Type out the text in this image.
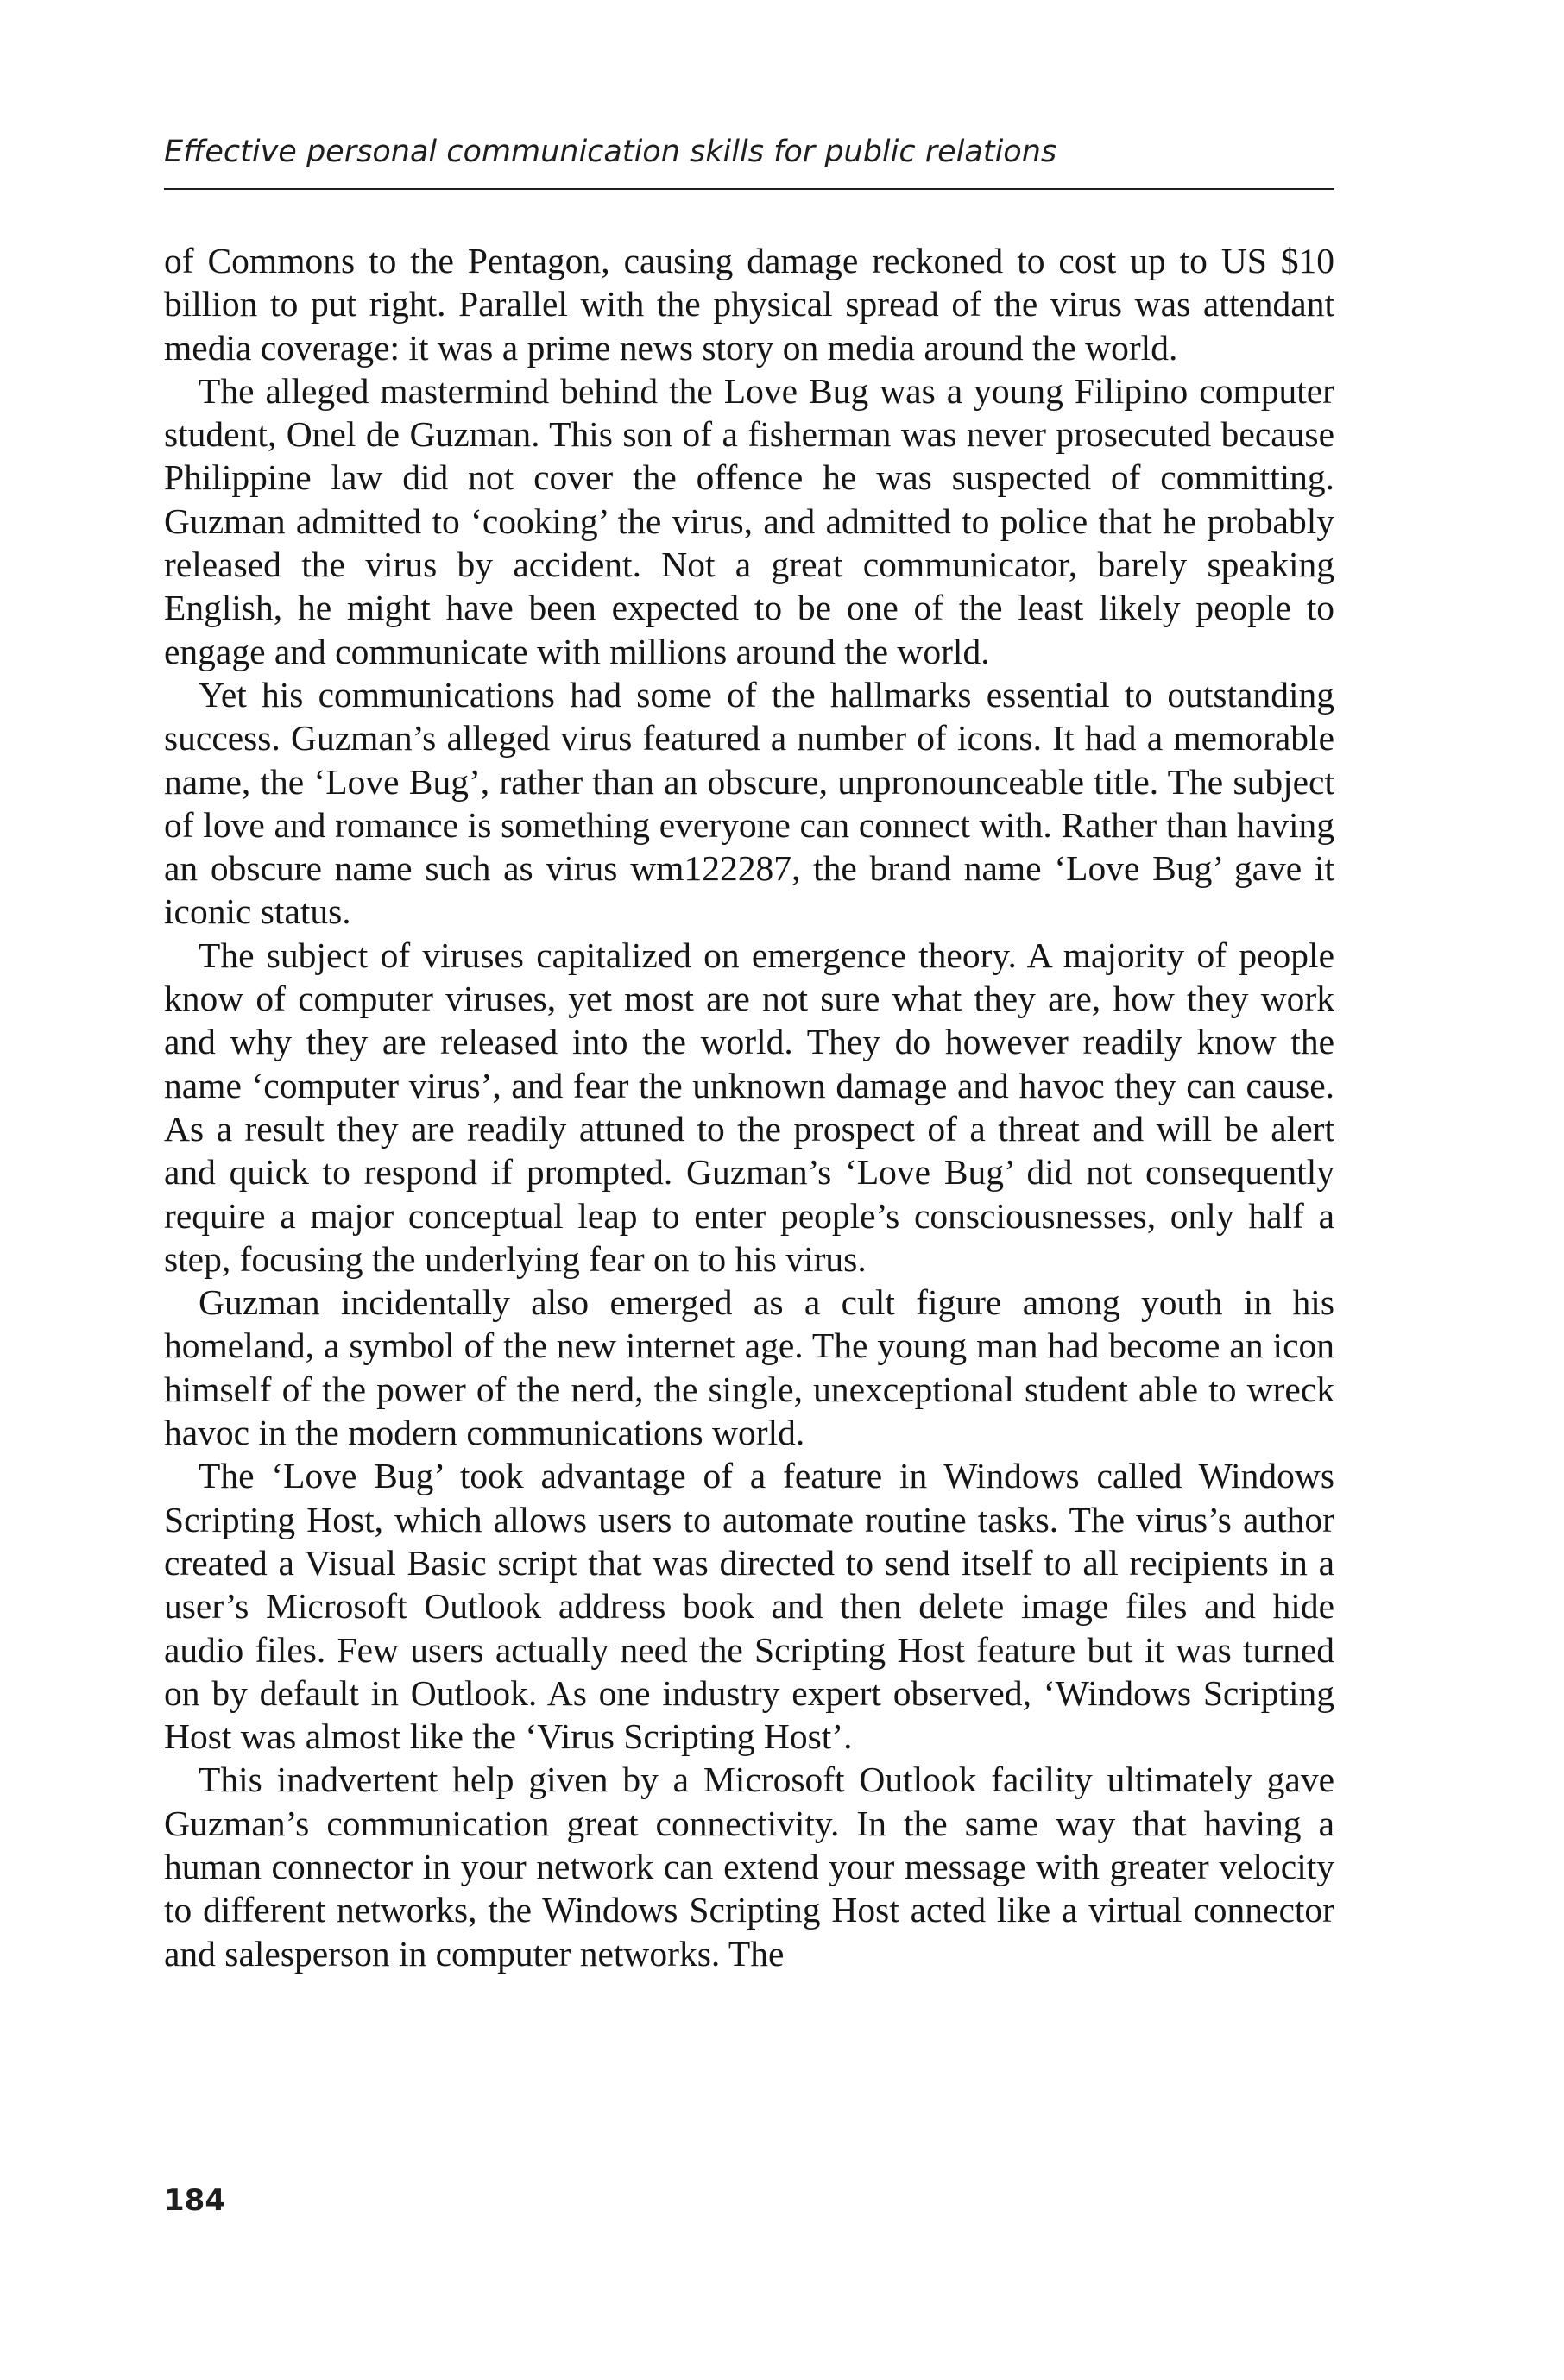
Effective personal communication skills for public relations

of Commons to the Pentagon, causing damage reckoned to cost up to US $10 billion to put right. Parallel with the physical spread of the virus was attendant media coverage: it was a prime news story on media around the world.

The alleged mastermind behind the Love Bug was a young Filipino computer student, Onel de Guzman. This son of a fisherman was never prosecuted because Philippine law did not cover the offence he was suspected of committing. Guzman admitted to ‘cooking’ the virus, and admitted to police that he probably released the virus by accident. Not a great communicator, barely speaking English, he might have been expected to be one of the least likely people to engage and communicate with millions around the world.

Yet his communications had some of the hallmarks essential to outstanding success. Guzman’s alleged virus featured a number of icons. It had a memorable name, the ‘Love Bug’, rather than an obscure, unpronounceable title. The subject of love and romance is something everyone can connect with. Rather than having an obscure name such as virus wm122287, the brand name ‘Love Bug’ gave it iconic status.

The subject of viruses capitalized on emergence theory. A majority of people know of computer viruses, yet most are not sure what they are, how they work and why they are released into the world. They do however readily know the name ‘computer virus’, and fear the unknown damage and havoc they can cause. As a result they are readily attuned to the prospect of a threat and will be alert and quick to respond if prompted. Guzman’s ‘Love Bug’ did not consequently require a major conceptual leap to enter people’s consciousnesses, only half a step, focusing the underlying fear on to his virus.

Guzman incidentally also emerged as a cult figure among youth in his homeland, a symbol of the new internet age. The young man had become an icon himself of the power of the nerd, the single, unexceptional student able to wreck havoc in the modern communications world.

The ‘Love Bug’ took advantage of a feature in Windows called Windows Scripting Host, which allows users to automate routine tasks. The virus’s author created a Visual Basic script that was directed to send itself to all recipients in a user’s Microsoft Outlook address book and then delete image files and hide audio files. Few users actually need the Scripting Host feature but it was turned on by default in Outlook. As one industry expert observed, ‘Windows Scripting Host was almost like the ‘Virus Scripting Host’.

This inadvertent help given by a Microsoft Outlook facility ultimately gave Guzman’s communication great connectivity. In the same way that having a human connector in your network can extend your message with greater velocity to different networks, the Windows Scripting Host acted like a virtual connector and salesperson in computer networks. The

184
